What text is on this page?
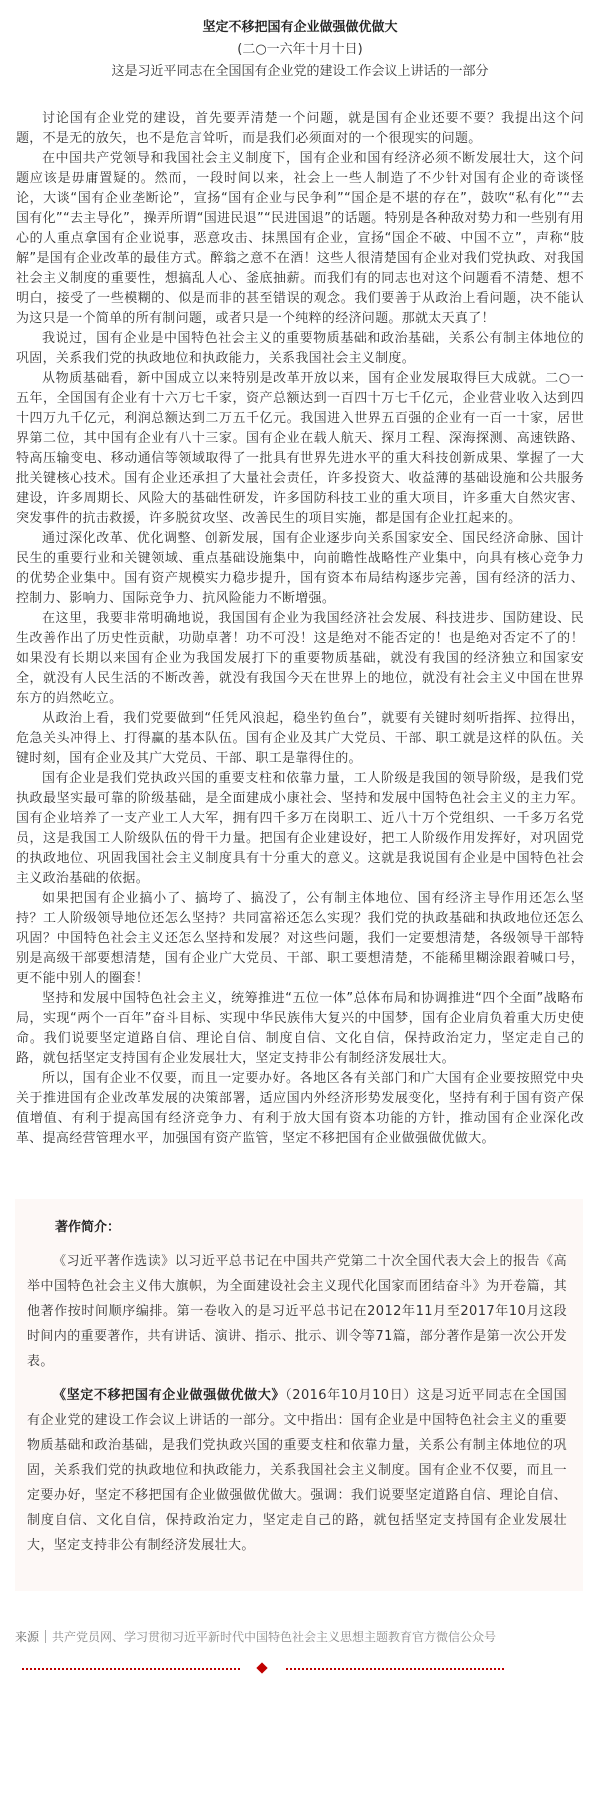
坚定不移把国有企业做强做优做大
(二○一六年十月十日)
这是习近平同志在全国国有企业党的建设工作会议上讲话的一部分

讨论国有企业党的建设，首先要弄清楚一个问题，就是国有企业还要不要？我提出这个问题，不是无的放矢，也不是危言耸听，而是我们必须面对的一个很现实的问题。

在中国共产党领导和我国社会主义制度下，国有企业和国有经济必须不断发展壮大，这个问题应该是毋庸置疑的。然而，一段时间以来，社会上一些人制造了不少针对国有企业的奇谈怪论，大谈“国有企业垄断论”，宣扬“国有企业与民争利”“国企是不堪的存在”，鼓吹“私有化”“去国有化”“去主导化”，操弄所谓“国进民退”“民进国退”的话题。特别是各种敌对势力和一些别有用心的人重点拿国有企业说事，恶意攻击、抹黑国有企业，宣扬“国企不破、中国不立”，声称“肢解”是国有企业改革的最佳方式。醉翁之意不在酒！这些人很清楚国有企业对我们党执政、对我国社会主义制度的重要性，想搞乱人心、釜底抽薪。而我们有的同志也对这个问题看不清楚、想不明白，接受了一些模糊的、似是而非的甚至错误的观念。我们要善于从政治上看问题，决不能认为这只是一个简单的所有制问题，或者只是一个纯粹的经济问题。那就太天真了！

我说过，国有企业是中国特色社会主义的重要物质基础和政治基础，关系公有制主体地位的巩固，关系我们党的执政地位和执政能力，关系我国社会主义制度。

从物质基础看，新中国成立以来特别是改革开放以来，国有企业发展取得巨大成就。二○一五年，全国国有企业有十六万七千家，资产总额达到一百四十万七千亿元，企业营业收入达到四十四万九千亿元，利润总额达到二万五千亿元。我国进入世界五百强的企业有一百一十家，居世界第二位，其中国有企业有八十三家。国有企业在载人航天、探月工程、深海探测、高速铁路、特高压输变电、移动通信等领域取得了一批具有世界先进水平的重大科技创新成果、掌握了一大批关键核心技术。国有企业还承担了大量社会责任，许多投资大、收益薄的基础设施和公共服务建设，许多周期长、风险大的基础性研发，许多国防科技工业的重大项目，许多重大自然灾害、突发事件的抗击救援，许多脱贫攻坚、改善民生的项目实施，都是国有企业扛起来的。

通过深化改革、优化调整、创新发展，国有企业逐步向关系国家安全、国民经济命脉、国计民生的重要行业和关键领域、重点基础设施集中，向前瞻性战略性产业集中，向具有核心竞争力的优势企业集中。国有资产规模实力稳步提升，国有资本布局结构逐步完善，国有经济的活力、控制力、影响力、国际竞争力、抗风险能力不断增强。

在这里，我要非常明确地说，我国国有企业为我国经济社会发展、科技进步、国防建设、民生改善作出了历史性贡献，功勋卓著！功不可没！这是绝对不能否定的！也是绝对否定不了的！如果没有长期以来国有企业为我国发展打下的重要物质基础，就没有我国的经济独立和国家安全，就没有人民生活的不断改善，就没有我国今天在世界上的地位，就没有社会主义中国在世界东方的岿然屹立。

从政治上看，我们党要做到“任凭风浪起，稳坐钓鱼台”，就要有关键时刻听指挥、拉得出，危急关头冲得上、打得赢的基本队伍。国有企业及其广大党员、干部、职工就是这样的队伍。关键时刻，国有企业及其广大党员、干部、职工是靠得住的。

国有企业是我们党执政兴国的重要支柱和依靠力量，工人阶级是我国的领导阶级，是我们党执政最坚实最可靠的阶级基础，是全面建成小康社会、坚持和发展中国特色社会主义的主力军。国有企业培养了一支产业工人大军，拥有四千多万在岗职工、近八十万个党组织、一千多万名党员，这是我国工人阶级队伍的骨干力量。把国有企业建设好，把工人阶级作用发挥好，对巩固党的执政地位、巩固我国社会主义制度具有十分重大的意义。这就是我说国有企业是中国特色社会主义政治基础的依据。

如果把国有企业搞小了、搞垮了、搞没了，公有制主体地位、国有经济主导作用还怎么坚持？工人阶级领导地位还怎么坚持？共同富裕还怎么实现？我们党的执政基础和执政地位还怎么巩固？中国特色社会主义还怎么坚持和发展？对这些问题，我们一定要想清楚，各级领导干部特别是高级干部要想清楚，国有企业广大党员、干部、职工要想清楚，不能稀里糊涂跟着喊口号，更不能中别人的圈套！

坚持和发展中国特色社会主义，统筹推进“五位一体”总体布局和协调推进“四个全面”战略布局，实现“两个一百年”奋斗目标、实现中华民族伟大复兴的中国梦，国有企业肩负着重大历史使命。我们说要坚定道路自信、理论自信、制度自信、文化自信，保持政治定力，坚定走自己的路，就包括坚定支持国有企业发展壮大，坚定支持非公有制经济发展壮大。

所以，国有企业不仅要，而且一定要办好。各地区各有关部门和广大国有企业要按照党中央关于推进国有企业改革发展的决策部署，适应国内外经济形势发展变化，坚持有利于国有资产保值增值、有利于提高国有经济竞争力、有利于放大国有资本功能的方针，推动国有企业深化改革、提高经营管理水平，加强国有资产监管，坚定不移把国有企业做强做优做大。

著作简介：

《习近平著作选读》以习近平总书记在中国共产党第二十次全国代表大会上的报告《高举中国特色社会主义伟大旗帜，为全面建设社会主义现代化国家而团结奋斗》为开卷篇，其他著作按时间顺序编排。第一卷收入的是习近平总书记在2012年11月至2017年10月这段时间内的重要著作，共有讲话、演讲、指示、批示、训令等71篇，部分著作是第一次公开发表。

《坚定不移把国有企业做强做优做大》（2016年10月10日）这是习近平同志在全国国有企业党的建设工作会议上讲话的一部分。文中指出：国有企业是中国特色社会主义的重要物质基础和政治基础，是我们党执政兴国的重要支柱和依靠力量，关系公有制主体地位的巩固，关系我们党的执政地位和执政能力，关系我国社会主义制度。国有企业不仅要，而且一定要办好，坚定不移把国有企业做强做优做大。强调：我们说要坚定道路自信、理论自信、制度自信、文化自信，保持政治定力，坚定走自己的路，就包括坚定支持国有企业发展壮大，坚定支持非公有制经济发展壮大。

来源 共产党员网、学习贯彻习近平新时代中国特色社会主义思想主题教育官方微信公众号
